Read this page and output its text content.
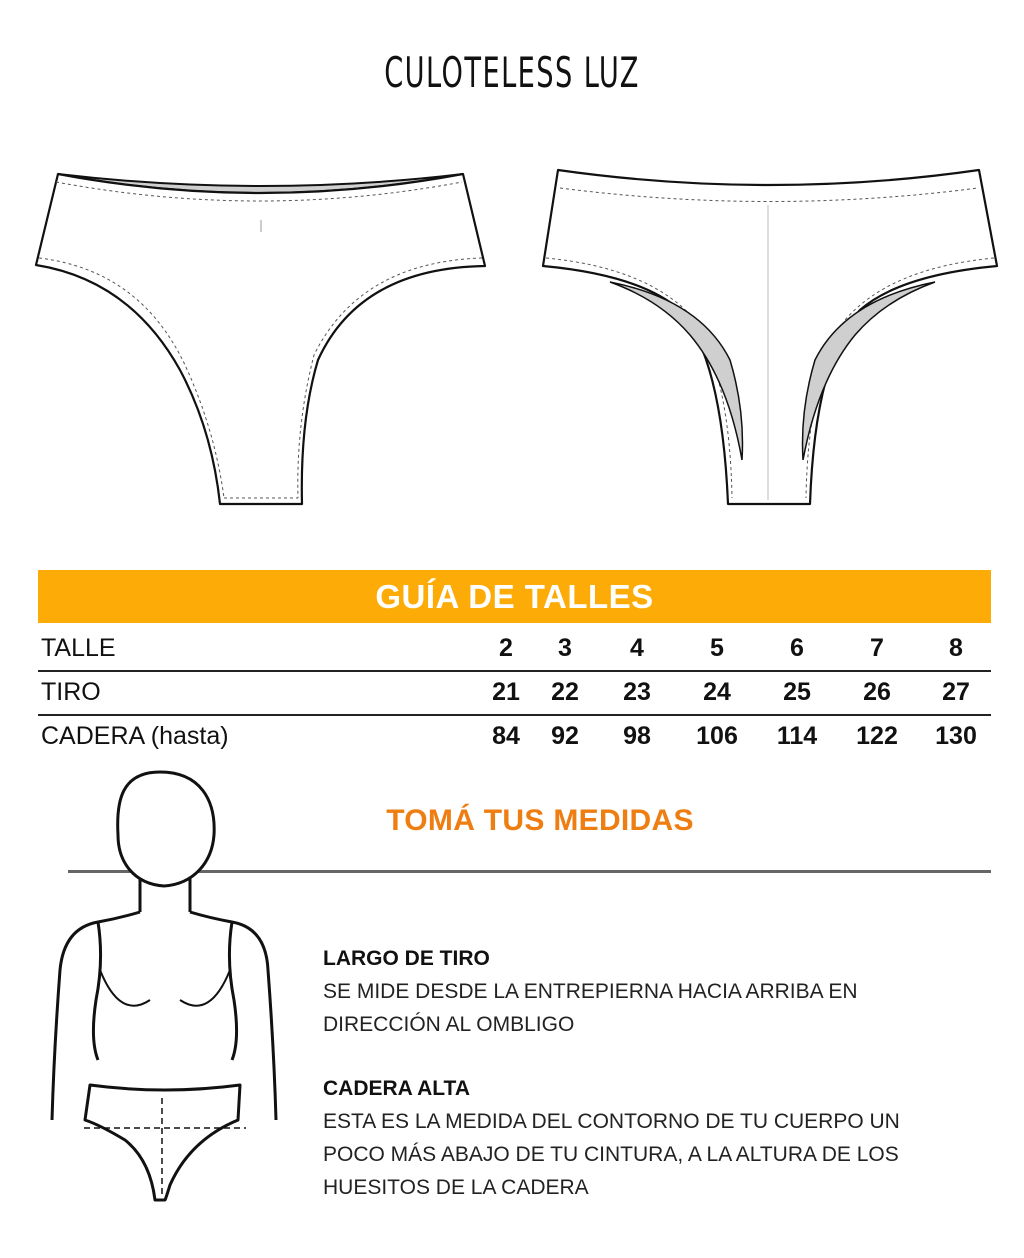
CULOTELESS LUZ
GUÍA DE TALLES
TALLE	2	3	4	5	6	7	8
TIRO	21	22	23	24	25	26	27
CADERA (hasta)	84	92	98	106	114	122	130
TOMÁ TUS MEDIDAS
LARGO DE TIRO
SE MIDE DESDE LA ENTREPIERNA HACIA ARRIBA EN
DIRECCIÓN AL OMBLIGO
CADERA ALTA
ESTA ES LA MEDIDA DEL CONTORNO DE TU CUERPO UN
POCO MÁS ABAJO DE TU CINTURA, A LA ALTURA DE LOS
HUESITOS DE LA CADERA
